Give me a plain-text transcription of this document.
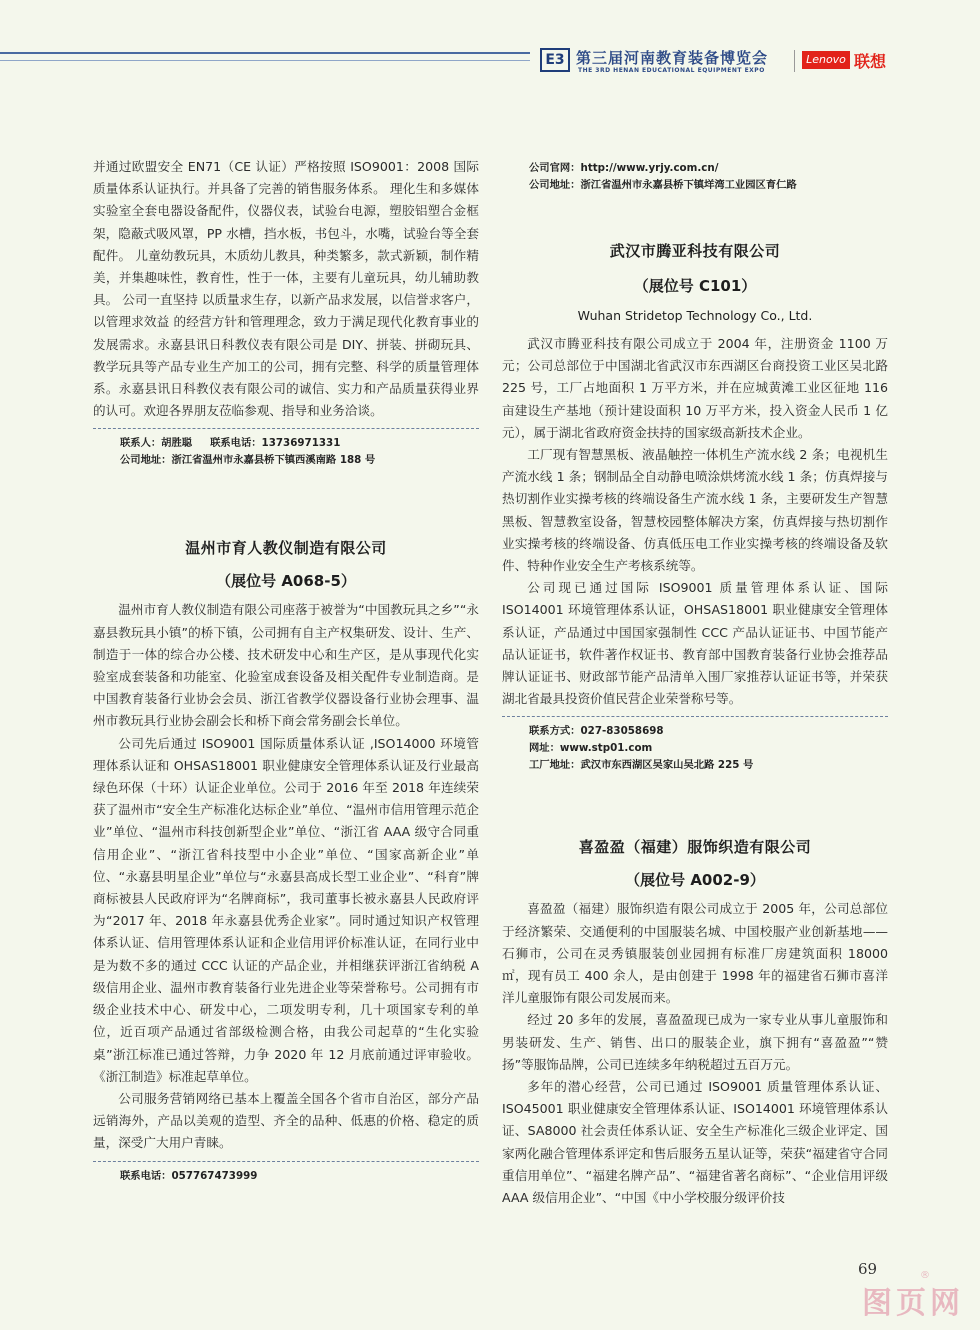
E3 第三届河南教育装备博览会
THE 3RD HENAN EDUCATIONAL EQUIPMENT EXPO
Lenovo 联想

并通过欧盟安全 EN71（CE 认证）严格按照 ISO9001：2008 国际质量体系认证执行。并具备了完善的销售服务体系。 理化生和多媒体实验室全套电器设备配件，仪器仪表，试验台电源，塑胶铝塑合金框架，隐蔽式吸风罩，PP 水槽，挡水板，书包斗，水嘴，试验台等全套配件。 儿童幼教玩具，木质幼儿教具，种类繁多，款式新颖，制作精美，并集趣味性，教育性，性于一体，主要有儿童玩具，幼儿辅助教具。 公司一直坚持 以质量求生存，以新产品求发展，以信誉求客户，以管理求效益 的经营方针和管理理念，致力于满足现代化教育事业的发展需求。永嘉县讯日科教仪表有限公司是 DIY、拼装、拼砌玩具、教学玩具等产品专业生产加工的公司，拥有完整、科学的质量管理体系。永嘉县讯日科教仪表有限公司的诚信、实力和产品质量获得业界的认可。欢迎各界朋友莅临参观、指导和业务洽谈。

联系人：胡胜聪 联系电话：13736971331
公司地址：浙江省温州市永嘉县桥下镇西溪南路 188 号
温州市育人教仪制造有限公司
（展位号 A068-5）

温州市育人教仪制造有限公司座落于被誉为“中国教玩具之乡”“永嘉县教玩具小镇”的桥下镇，公司拥有自主产权集研发、设计、生产、制造于一体的综合办公楼、技术研发中心和生产区，是从事现代化实验室成套装备和功能室、化验室成套设备及相关配件专业制造商。是中国教育装备行业协会会员、浙江省教学仪器设备行业协会理事、温州市教玩具行业协会副会长和桥下商会常务副会长单位。

公司先后通过 ISO9001 国际质量体系认证 ,ISO14000 环境管理体系认证和 OHSAS18001 职业健康安全管理体系认证及行业最高绿色环保（十环）认证企业单位。公司于 2016 年至 2018 年连续荣获了温州市“安全生产标准化达标企业”单位、“温州市信用管理示范企业”单位、“温州市科技创新型企业”单位、“浙江省 AAA 级守合同重信用企业”、“浙江省科技型中小企业”单位、“国家高新企业”单位、“永嘉县明星企业”单位与“永嘉县高成长型工业企业”、“科育”牌商标被县人民政府评为“名牌商标”，我司董事长被永嘉县人民政府评为“2017 年、2018 年永嘉县优秀企业家”。同时通过知识产权管理体系认证、信用管理体系认证和企业信用评价标准认证，在同行业中是为数不多的通过 CCC 认证的产品企业，并相继获评浙江省纳税 A 级信用企业、温州市教育装备行业先进企业等荣誉称号。公司拥有市级企业技术中心、研发中心，二项发明专利，几十项国家专利的单位，近百项产品通过省部级检测合格，由我公司起草的“生化实验桌”浙江标准已通过答辩，力争 2020 年 12 月底前通过评审验收。《浙江制造》标准起草单位。

公司服务营销网络已基本上覆盖全国各个省市自治区，部分产品远销海外，产品以美观的造型、齐全的品种、低惠的价格、稳定的质量，深受广大用户青睐。

联系电话：057767473999
公司官网：http://www.yrjy.com.cn/
公司地址：浙江省温州市永嘉县桥下镇垟湾工业园区育仁路
武汉市腾亚科技有限公司
（展位号 C101）
Wuhan Stridetop Technology Co., Ltd.

武汉市腾亚科技有限公司成立于 2004 年，注册资金 1100 万元；公司总部位于中国湖北省武汉市东西湖区台商投资工业区吴北路 225 号，工厂占地面积 1 万平方米，并在应城黄滩工业区征地 116 亩建设生产基地（预计建设面积 10 万平方米，投入资金人民币 1 亿元），属于湖北省政府资金扶持的国家级高新技术企业。

工厂现有智慧黑板、液晶触控一体机生产流水线 2 条；电视机生产流水线 1 条；钢制品全自动静电喷涂烘烤流水线 1 条；仿真焊接与热切割作业实操考核的终端设备生产流水线 1 条，主要研发生产智慧黑板、智慧教室设备，智慧校园整体解决方案，仿真焊接与热切割作业实操考核的终端设备、仿真低压电工作业实操考核的终端设备及软件、特种作业安全生产考核系统等。

公司现已通过国际 ISO9001 质量管理体系认证、国际 ISO14001 环境管理体系认证，OHSAS18001 职业健康安全管理体系认证，产品通过中国国家强制性 CCC 产品认证证书、中国节能产品认证证书，软件著作权证书、教育部中国教育装备行业协会推荐品牌认证证书、财政部节能产品清单入围厂家推荐认证证书等，并荣获湖北省最具投资价值民营企业荣誉称号等。

联系方式：027-83058698
网址：www.stp01.com
工厂地址：武汉市东西湖区吴家山吴北路 225 号
喜盈盈（福建）服饰织造有限公司
（展位号 A002-9）

喜盈盈（福建）服饰织造有限公司成立于 2005 年，公司总部位于经济繁荣、交通便利的中国服装名城、中国校服产业创新基地——石狮市，公司在灵秀镇服装创业园拥有标准厂房建筑面积 18000 ㎡，现有员工 400 余人，是由创建于 1998 年的福建省石狮市喜洋洋儿童服饰有限公司发展而来。

经过 20 多年的发展，喜盈盈现已成为一家专业从事儿童服饰和男装研发、生产、销售、出口的服装企业，旗下拥有“喜盈盈”“赞扬”等服饰品牌，公司已连续多年纳税超过五百万元。

多年的潜心经营，公司已通过 ISO9001 质量管理体系认证、ISO45001 职业健康安全管理体系认证、ISO14001 环境管理体系认证、SA8000 社会责任体系认证、安全生产标准化三级企业评定、国家两化融合管理体系评定和售后服务五星认证等，荣获“福建省守合同重信用单位”、“福建名牌产品”、“福建省著名商标”、“企业信用评级 AAA 级信用企业”、“中国《中小学校服分级评价技

69
图页网
®
